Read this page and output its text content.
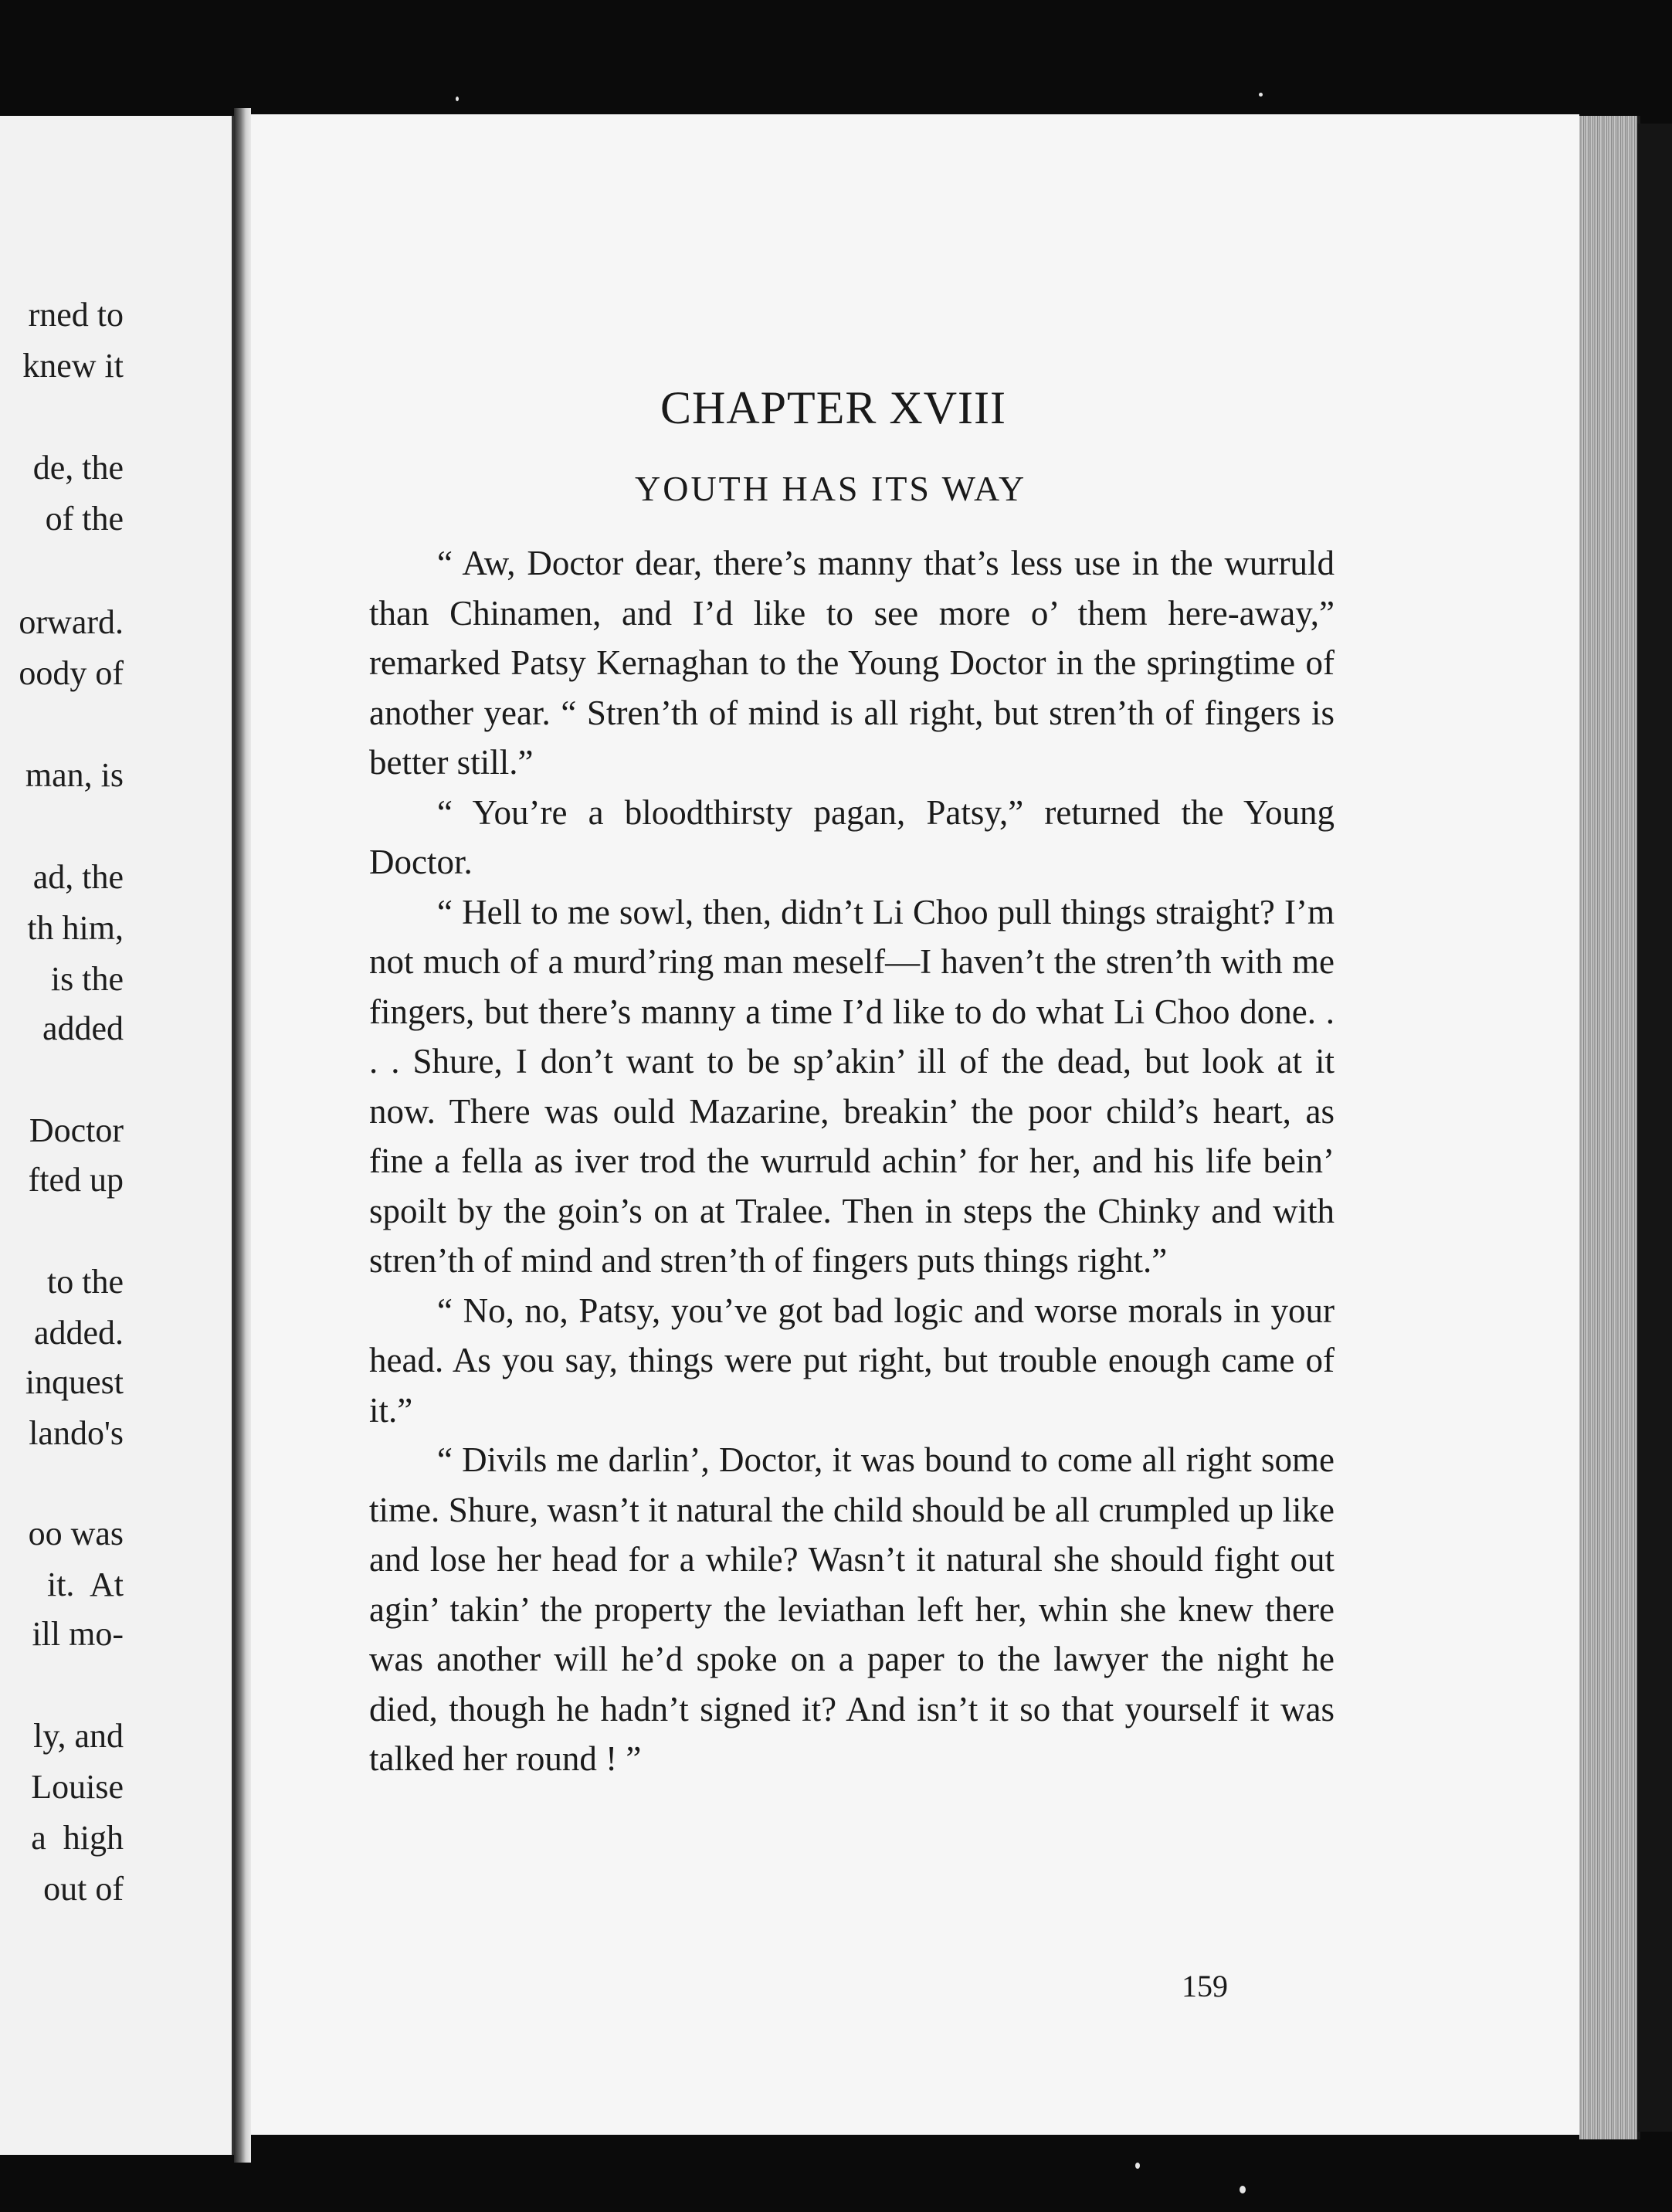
rned to
knew it
de, the
of the
orward.
oody of
man, is
ad, the
th him,
is the
added
Doctor
fted up
to the
added.
inquest
lando's
oo was
it.  At
ill mo-
ly, and
Louise
a  high
out of
CHAPTER XVIII
YOUTH HAS ITS WAY

“ Aw, Doctor dear, there’s manny that’s less use in the wurruld than Chinamen, and I’d like to see more o’ them here-away,” remarked Patsy Kernaghan to the Young Doctor in the springtime of another year. “ Stren’th of mind is all right, but stren’th of fingers is better still.”

“ You’re a bloodthirsty pagan, Patsy,” returned the Young Doctor.

“ Hell to me sowl, then, didn’t Li Choo pull things straight? I’m not much of a murd’ring man meself—I haven’t the stren’th with me fingers, but there’s manny a time I’d like to do what Li Choo done. . . . Shure, I don’t want to be sp’akin’ ill of the dead, but look at it now. There was ould Mazarine, breakin’ the poor child’s heart, as fine a fella as iver trod the wurruld achin’ for her, and his life bein’ spoilt by the goin’s on at Tralee. Then in steps the Chinky and with stren’th of mind and stren’th of fingers puts things right.”

“ No, no, Patsy, you’ve got bad logic and worse morals in your head. As you say, things were put right, but trouble enough came of it.”

“ Divils me darlin’, Doctor, it was bound to come all right some time. Shure, wasn’t it natural the child should be all crumpled up like and lose her head for a while? Wasn’t it natural she should fight out agin’ takin’ the property the leviathan left her, whin she knew there was another will he’d spoke on a paper to the lawyer the night he died, though he hadn’t signed it? And isn’t it so that yourself it was talked her round ! ”

159
